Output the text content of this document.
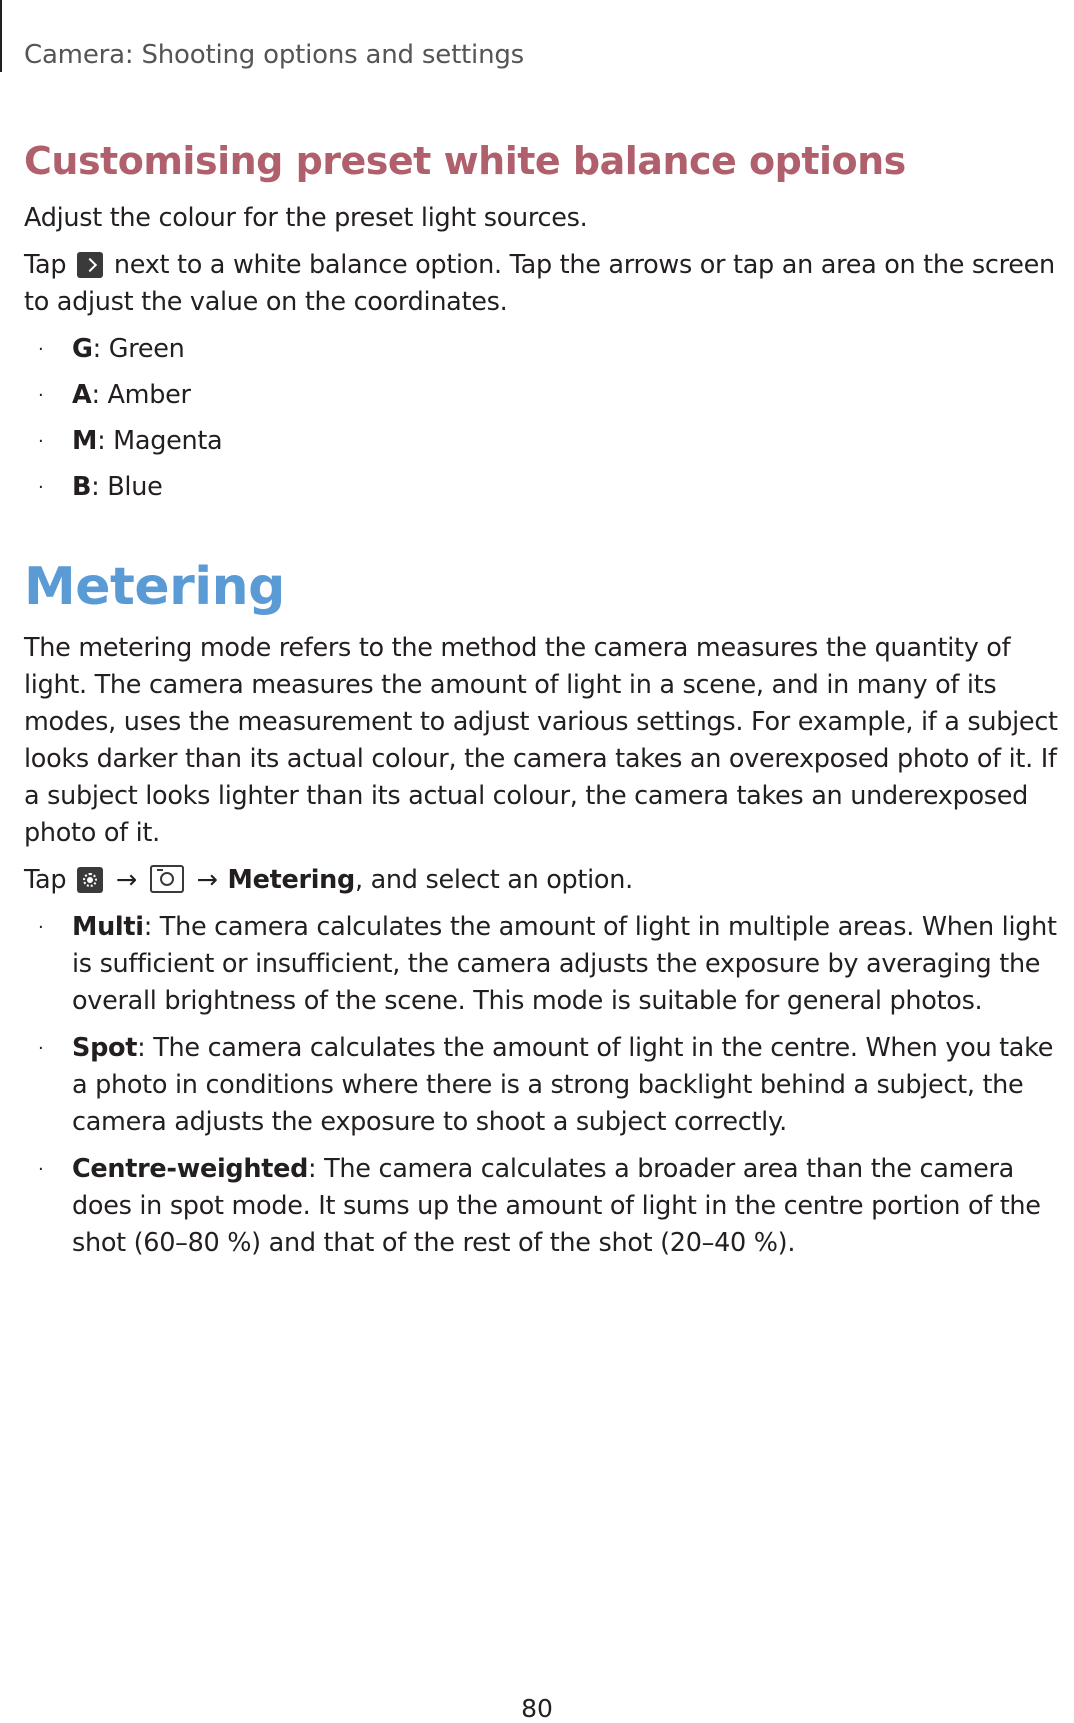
Camera: Shooting options and settings
Customising preset white balance options

Adjust the colour for the preset light sources.

Tap next to a white balance option. Tap the arrows or tap an area on the screen to adjust the value on the coordinates.

· G: Green
· A: Amber
· M: Magenta
· B: Blue
Metering

The metering mode refers to the method the camera measures the quantity of light. The camera measures the amount of light in a scene, and in many of its modes, uses the measurement to adjust various settings. For example, if a subject looks darker than its actual colour, the camera takes an overexposed photo of it. If a subject looks lighter than its actual colour, the camera takes an underexposed photo of it.

Tap → → Metering, and select an option.

· Multi: The camera calculates the amount of light in multiple areas. When light is sufficient or insufficient, the camera adjusts the exposure by averaging the overall brightness of the scene. This mode is suitable for general photos.
· Spot: The camera calculates the amount of light in the centre. When you take a photo in conditions where there is a strong backlight behind a subject, the camera adjusts the exposure to shoot a subject correctly.
· Centre-weighted: The camera calculates a broader area than the camera does in spot mode. It sums up the amount of light in the centre portion of the shot (60–80 %) and that of the rest of the shot (20–40 %).
80
